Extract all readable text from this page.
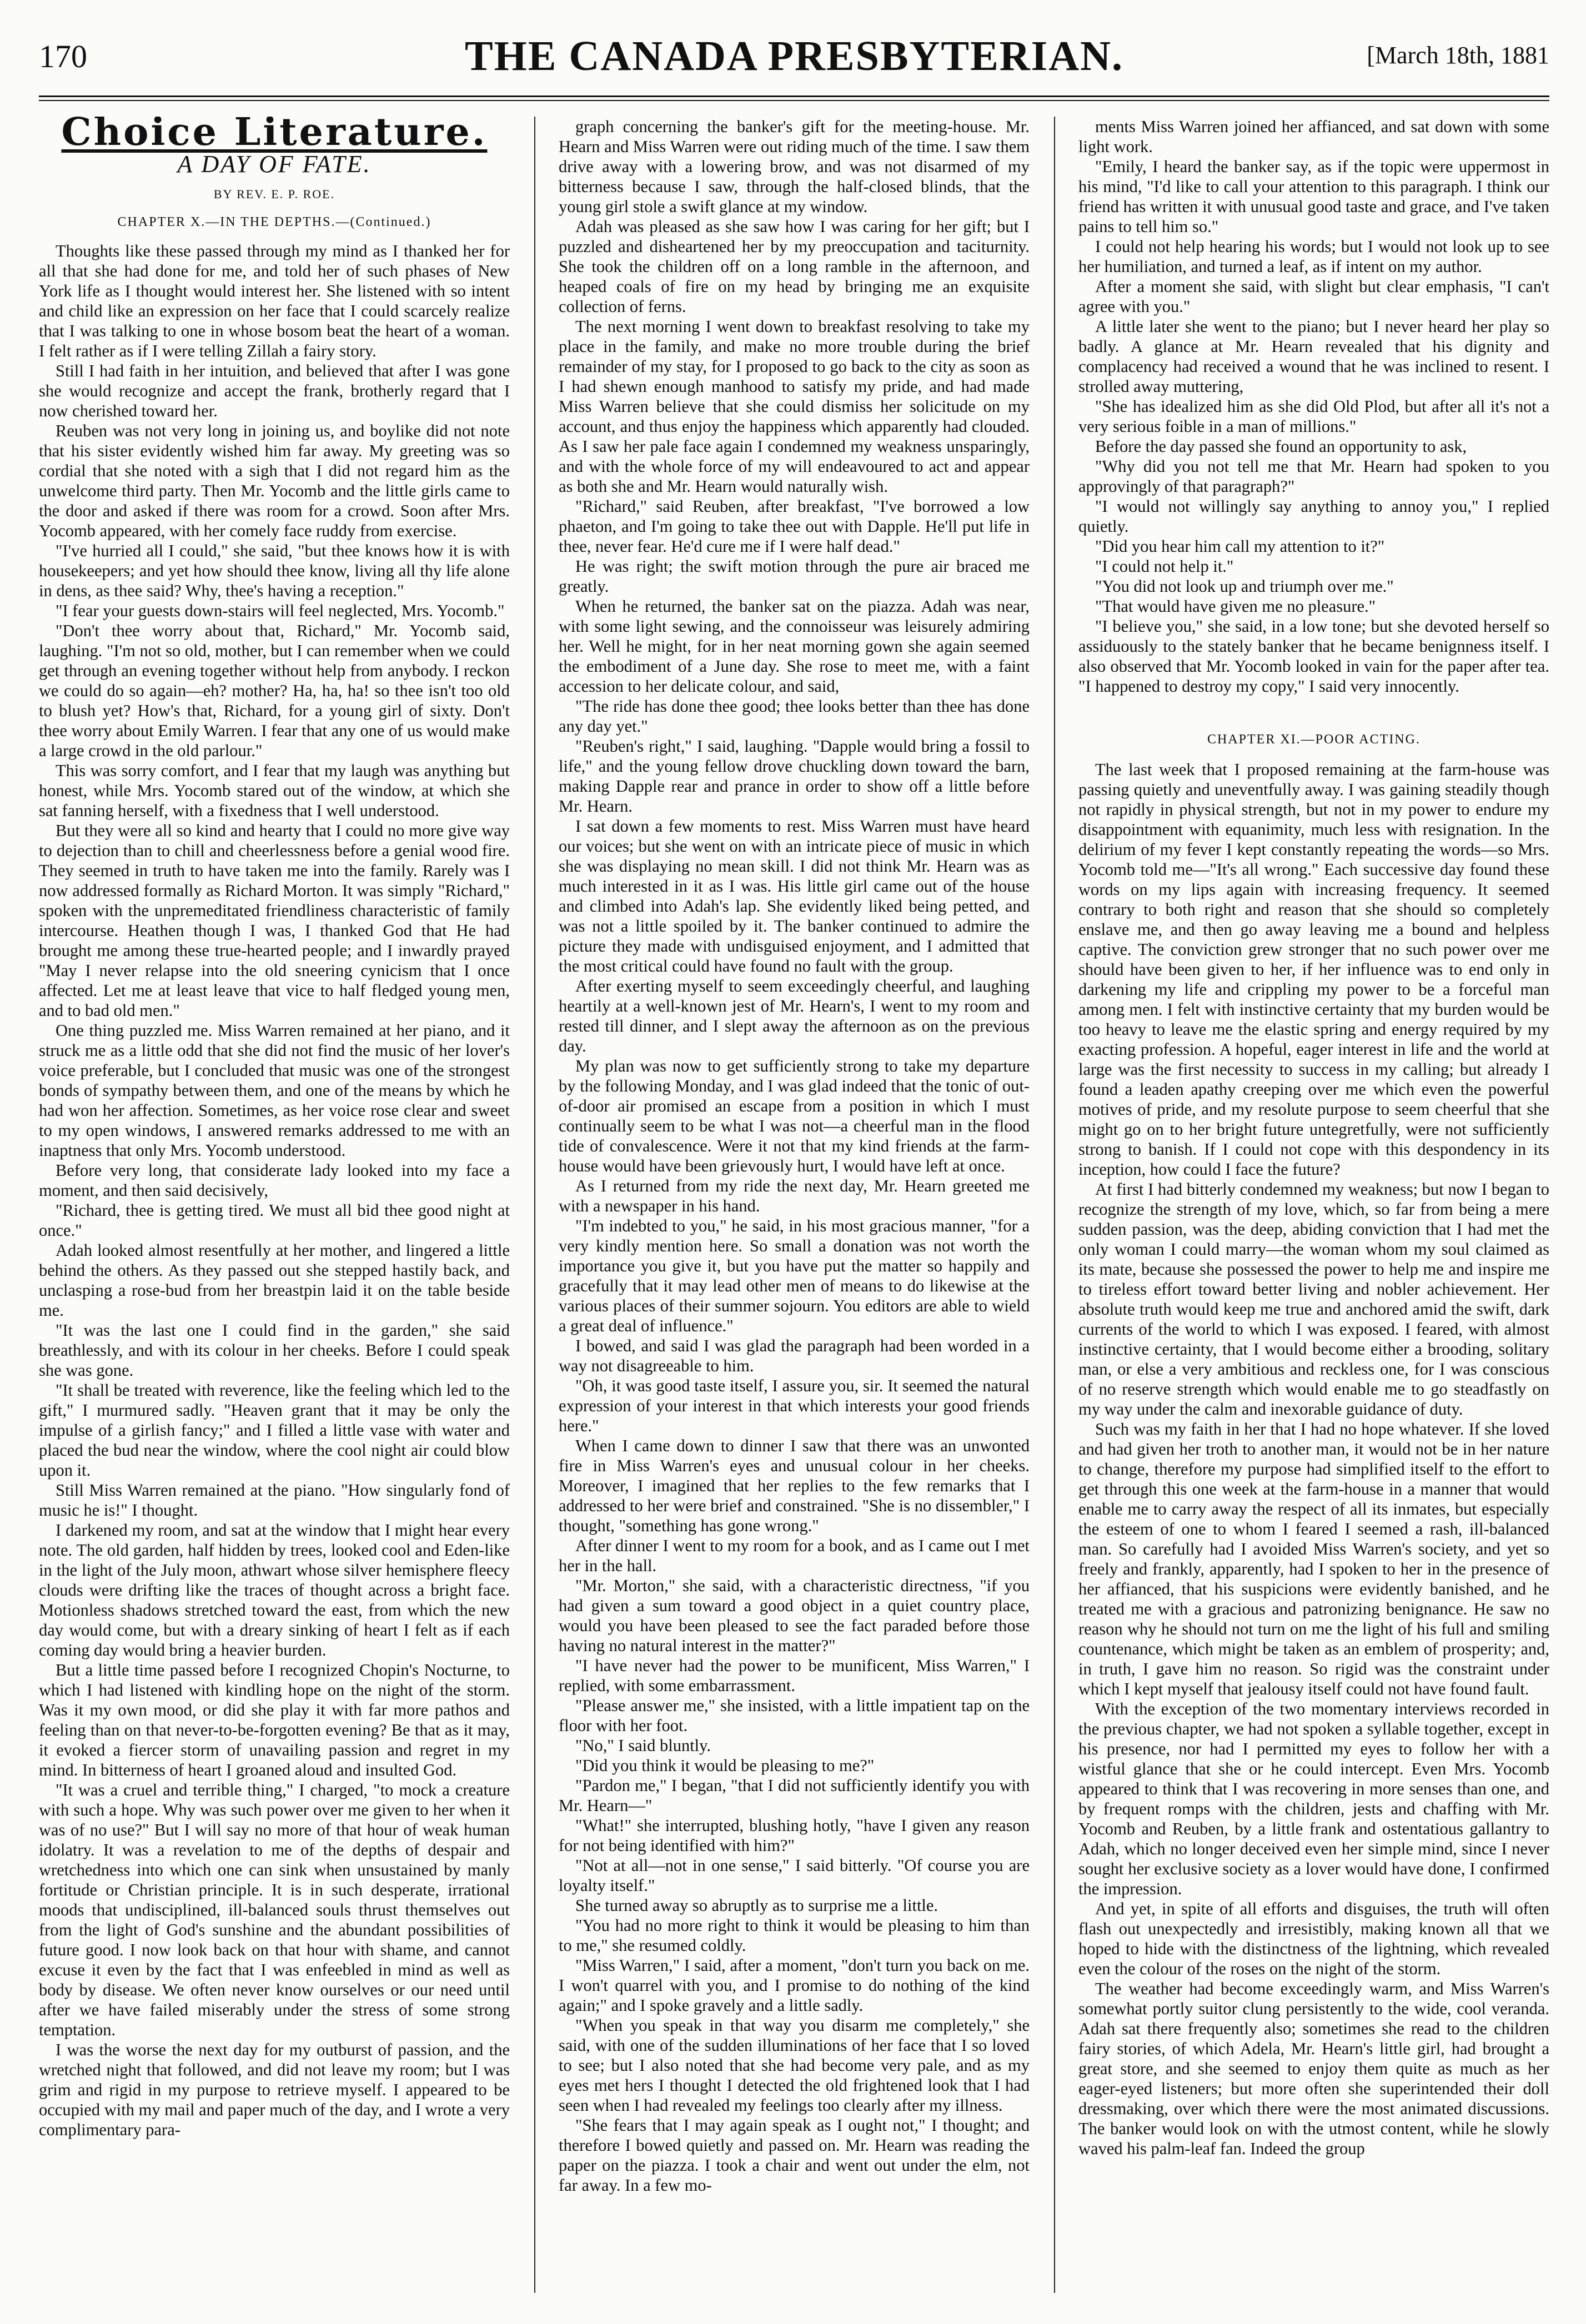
170	THE CANADA PRESBYTERIAN.	[March 18th, 1881
Choice Literature.
A DAY OF FATE.
BY REV. E. P. ROE.
CHAPTER X.—IN THE DEPTHS.—(Continued.)

Thoughts like these passed through my mind as I thanked her for all that she had done for me, and told her of such phases of New York life as I thought would interest her. She listened with so intent and child like an expression on her face that I could scarcely realize that I was talking to one in whose bosom beat the heart of a woman. I felt rather as if I were telling Zillah a fairy story.

Still I had faith in her intuition, and believed that after I was gone she would recognize and accept the frank, brotherly regard that I now cherished toward her.

Reuben was not very long in joining us, and boylike did not note that his sister evidently wished him far away. My greeting was so cordial that she noted with a sigh that I did not regard him as the unwelcome third party. Then Mr. Yocomb and the little girls came to the door and asked if there was room for a crowd. Soon after Mrs. Yocomb appeared, with her comely face ruddy from exercise.

"I've hurried all I could," she said, "but thee knows how it is with housekeepers; and yet how should thee know, living all thy life alone in dens, as thee said? Why, thee's having a reception."

"I fear your guests down-stairs will feel neglected, Mrs. Yocomb."

"Don't thee worry about that, Richard," Mr. Yocomb said, laughing. "I'm not so old, mother, but I can remember when we could get through an evening together without help from anybody. I reckon we could do so again—eh? mother? Ha, ha, ha! so thee isn't too old to blush yet? How's that, Richard, for a young girl of sixty. Don't thee worry about Emily Warren. I fear that any one of us would make a large crowd in the old parlour."

This was sorry comfort, and I fear that my laugh was anything but honest, while Mrs. Yocomb stared out of the window, at which she sat fanning herself, with a fixedness that I well understood.

But they were all so kind and hearty that I could no more give way to dejection than to chill and cheerlessness before a genial wood fire. They seemed in truth to have taken me into the family. Rarely was I now addressed formally as Richard Morton. It was simply "Richard," spoken with the unpremeditated friendliness characteristic of family intercourse. Heathen though I was, I thanked God that He had brought me among these true-hearted people; and I inwardly prayed "May I never relapse into the old sneering cynicism that I once affected. Let me at least leave that vice to half fledged young men, and to bad old men."

One thing puzzled me. Miss Warren remained at her piano, and it struck me as a little odd that she did not find the music of her lover's voice preferable, but I concluded that music was one of the strongest bonds of sympathy between them, and one of the means by which he had won her affection. Sometimes, as her voice rose clear and sweet to my open windows, I answered remarks addressed to me with an inaptness that only Mrs. Yocomb understood.

Before very long, that considerate lady looked into my face a moment, and then said decisively,

"Richard, thee is getting tired. We must all bid thee good night at once."

Adah looked almost resentfully at her mother, and lingered a little behind the others. As they passed out she stepped hastily back, and unclasping a rose-bud from her breastpin laid it on the table beside me.

"It was the last one I could find in the garden," she said breathlessly, and with its colour in her cheeks. Before I could speak she was gone.

"It shall be treated with reverence, like the feeling which led to the gift," I murmured sadly. "Heaven grant that it may be only the impulse of a girlish fancy;" and I filled a little vase with water and placed the bud near the window, where the cool night air could blow upon it.

Still Miss Warren remained at the piano. "How singularly fond of music he is!" I thought.

I darkened my room, and sat at the window that I might hear every note. The old garden, half hidden by trees, looked cool and Eden-like in the light of the July moon, athwart whose silver hemisphere fleecy clouds were drifting like the traces of thought across a bright face. Motionless shadows stretched toward the east, from which the new day would come, but with a dreary sinking of heart I felt as if each coming day would bring a heavier burden.

But a little time passed before I recognized Chopin's Nocturne, to which I had listened with kindling hope on the night of the storm. Was it my own mood, or did she play it with far more pathos and feeling than on that never-to-be-forgotten evening? Be that as it may, it evoked a fiercer storm of unavailing passion and regret in my mind. In bitterness of heart I groaned aloud and insulted God.

"It was a cruel and terrible thing," I charged, "to mock a creature with such a hope. Why was such power over me given to her when it was of no use?" But I will say no more of that hour of weak human idolatry. It was a revelation to me of the depths of despair and wretchedness into which one can sink when unsustained by manly fortitude or Christian principle. It is in such desperate, irrational moods that undisciplined, ill-balanced souls thrust themselves out from the light of God's sunshine and the abundant possibilities of future good. I now look back on that hour with shame, and cannot excuse it even by the fact that I was enfeebled in mind as well as body by disease. We often never know ourselves or our need until after we have failed miserably under the stress of some strong temptation.

I was the worse the next day for my outburst of passion, and the wretched night that followed, and did not leave my room; but I was grim and rigid in my purpose to retrieve myself. I appeared to be occupied with my mail and paper much of the day, and I wrote a very complimentary para-

graph concerning the banker's gift for the meeting-house. Mr. Hearn and Miss Warren were out riding much of the time. I saw them drive away with a lowering brow, and was not disarmed of my bitterness because I saw, through the half-closed blinds, that the young girl stole a swift glance at my window.

Adah was pleased as she saw how I was caring for her gift; but I puzzled and disheartened her by my preoccupation and taciturnity. She took the children off on a long ramble in the afternoon, and heaped coals of fire on my head by bringing me an exquisite collection of ferns.

The next morning I went down to breakfast resolving to take my place in the family, and make no more trouble during the brief remainder of my stay, for I proposed to go back to the city as soon as I had shewn enough manhood to satisfy my pride, and had made Miss Warren believe that she could dismiss her solicitude on my account, and thus enjoy the happiness which apparently had clouded. As I saw her pale face again I condemned my weakness unsparingly, and with the whole force of my will endeavoured to act and appear as both she and Mr. Hearn would naturally wish.

"Richard," said Reuben, after breakfast, "I've borrowed a low phaeton, and I'm going to take thee out with Dapple. He'll put life in thee, never fear. He'd cure me if I were half dead."

He was right; the swift motion through the pure air braced me greatly.

When he returned, the banker sat on the piazza. Adah was near, with some light sewing, and the connoisseur was leisurely admiring her. Well he might, for in her neat morning gown she again seemed the embodiment of a June day. She rose to meet me, with a faint accession to her delicate colour, and said,

"The ride has done thee good; thee looks better than thee has done any day yet."

"Reuben's right," I said, laughing. "Dapple would bring a fossil to life," and the young fellow drove chuckling down toward the barn, making Dapple rear and prance in order to show off a little before Mr. Hearn.

I sat down a few moments to rest. Miss Warren must have heard our voices; but she went on with an intricate piece of music in which she was displaying no mean skill. I did not think Mr. Hearn was as much interested in it as I was. His little girl came out of the house and climbed into Adah's lap. She evidently liked being petted, and was not a little spoiled by it. The banker continued to admire the picture they made with undisguised enjoyment, and I admitted that the most critical could have found no fault with the group.

After exerting myself to seem exceedingly cheerful, and laughing heartily at a well-known jest of Mr. Hearn's, I went to my room and rested till dinner, and I slept away the afternoon as on the previous day.

My plan was now to get sufficiently strong to take my departure by the following Monday, and I was glad indeed that the tonic of out-of-door air promised an escape from a position in which I must continually seem to be what I was not—a cheerful man in the flood tide of convalescence. Were it not that my kind friends at the farm-house would have been grievously hurt, I would have left at once.

As I returned from my ride the next day, Mr. Hearn greeted me with a newspaper in his hand.

"I'm indebted to you," he said, in his most gracious manner, "for a very kindly mention here. So small a donation was not worth the importance you give it, but you have put the matter so happily and gracefully that it may lead other men of means to do likewise at the various places of their summer sojourn. You editors are able to wield a great deal of influence."

I bowed, and said I was glad the paragraph had been worded in a way not disagreeable to him.

"Oh, it was good taste itself, I assure you, sir. It seemed the natural expression of your interest in that which interests your good friends here."

When I came down to dinner I saw that there was an unwonted fire in Miss Warren's eyes and unusual colour in her cheeks. Moreover, I imagined that her replies to the few remarks that I addressed to her were brief and constrained. "She is no dissembler," I thought, "something has gone wrong."

After dinner I went to my room for a book, and as I came out I met her in the hall.

"Mr. Morton," she said, with a characteristic directness, "if you had given a sum toward a good object in a quiet country place, would you have been pleased to see the fact paraded before those having no natural interest in the matter?"

"I have never had the power to be munificent, Miss Warren," I replied, with some embarrassment.

"Please answer me," she insisted, with a little impatient tap on the floor with her foot.

"No," I said bluntly.

"Did you think it would be pleasing to me?"

"Pardon me," I began, "that I did not sufficiently identify you with Mr. Hearn—"

"What!" she interrupted, blushing hotly, "have I given any reason for not being identified with him?"

"Not at all—not in one sense," I said bitterly. "Of course you are loyalty itself."

She turned away so abruptly as to surprise me a little.

"You had no more right to think it would be pleasing to him than to me," she resumed coldly.

"Miss Warren," I said, after a moment, "don't turn you back on me. I won't quarrel with you, and I promise to do nothing of the kind again;" and I spoke gravely and a little sadly.

"When you speak in that way you disarm me completely," she said, with one of the sudden illuminations of her face that I so loved to see; but I also noted that she had become very pale, and as my eyes met hers I thought I detected the old frightened look that I had seen when I had revealed my feelings too clearly after my illness.

"She fears that I may again speak as I ought not," I thought; and therefore I bowed quietly and passed on. Mr. Hearn was reading the paper on the piazza. I took a chair and went out under the elm, not far away. In a few mo-

ments Miss Warren joined her affianced, and sat down with some light work.

"Emily, I heard the banker say, as if the topic were uppermost in his mind, "I'd like to call your attention to this paragraph. I think our friend has written it with unusual good taste and grace, and I've taken pains to tell him so."

I could not help hearing his words; but I would not look up to see her humiliation, and turned a leaf, as if intent on my author.

After a moment she said, with slight but clear emphasis, "I can't agree with you."

A little later she went to the piano; but I never heard her play so badly. A glance at Mr. Hearn revealed that his dignity and complacency had received a wound that he was inclined to resent. I strolled away muttering,

"She has idealized him as she did Old Plod, but after all it's not a very serious foible in a man of millions."

Before the day passed she found an opportunity to ask,

"Why did you not tell me that Mr. Hearn had spoken to you approvingly of that paragraph?"

"I would not willingly say anything to annoy you," I replied quietly.

"Did you hear him call my attention to it?"

"I could not help it."

"You did not look up and triumph over me."

"That would have given me no pleasure."

"I believe you," she said, in a low tone; but she devoted herself so assiduously to the stately banker that he became benignness itself. I also observed that Mr. Yocomb looked in vain for the paper after tea. "I happened to destroy my copy," I said very innocently.

CHAPTER XI.—POOR ACTING.

The last week that I proposed remaining at the farm-house was passing quietly and uneventfully away. I was gaining steadily though not rapidly in physical strength, but not in my power to endure my disappointment with equanimity, much less with resignation. In the delirium of my fever I kept constantly repeating the words—so Mrs. Yocomb told me—"It's all wrong." Each successive day found these words on my lips again with increasing frequency. It seemed contrary to both right and reason that she should so completely enslave me, and then go away leaving me a bound and helpless captive. The conviction grew stronger that no such power over me should have been given to her, if her influence was to end only in darkening my life and crippling my power to be a forceful man among men. I felt with instinctive certainty that my burden would be too heavy to leave me the elastic spring and energy required by my exacting profession. A hopeful, eager interest in life and the world at large was the first necessity to success in my calling; but already I found a leaden apathy creeping over me which even the powerful motives of pride, and my resolute purpose to seem cheerful that she might go on to her bright future untegretfully, were not sufficiently strong to banish. If I could not cope with this despondency in its inception, how could I face the future?

At first I had bitterly condemned my weakness; but now I began to recognize the strength of my love, which, so far from being a mere sudden passion, was the deep, abiding conviction that I had met the only woman I could marry—the woman whom my soul claimed as its mate, because she possessed the power to help me and inspire me to tireless effort toward better living and nobler achievement. Her absolute truth would keep me true and anchored amid the swift, dark currents of the world to which I was exposed. I feared, with almost instinctive certainty, that I would become either a brooding, solitary man, or else a very ambitious and reckless one, for I was conscious of no reserve strength which would enable me to go steadfastly on my way under the calm and inexorable guidance of duty.

Such was my faith in her that I had no hope whatever. If she loved and had given her troth to another man, it would not be in her nature to change, therefore my purpose had simplified itself to the effort to get through this one week at the farm-house in a manner that would enable me to carry away the respect of all its inmates, but especially the esteem of one to whom I feared I seemed a rash, ill-balanced man. So carefully had I avoided Miss Warren's society, and yet so freely and frankly, apparently, had I spoken to her in the presence of her affianced, that his suspicions were evidently banished, and he treated me with a gracious and patronizing benignance. He saw no reason why he should not turn on me the light of his full and smiling countenance, which might be taken as an emblem of prosperity; and, in truth, I gave him no reason. So rigid was the constraint under which I kept myself that jealousy itself could not have found fault.

With the exception of the two momentary interviews recorded in the previous chapter, we had not spoken a syllable together, except in his presence, nor had I permitted my eyes to follow her with a wistful glance that she or he could intercept. Even Mrs. Yocomb appeared to think that I was recovering in more senses than one, and by frequent romps with the children, jests and chaffing with Mr. Yocomb and Reuben, by a little frank and ostentatious gallantry to Adah, which no longer deceived even her simple mind, since I never sought her exclusive society as a lover would have done, I confirmed the impression.

And yet, in spite of all efforts and disguises, the truth will often flash out unexpectedly and irresistibly, making known all that we hoped to hide with the distinctness of the lightning, which revealed even the colour of the roses on the night of the storm.

The weather had become exceedingly warm, and Miss Warren's somewhat portly suitor clung persistently to the wide, cool veranda. Adah sat there frequently also; sometimes she read to the children fairy stories, of which Adela, Mr. Hearn's little girl, had brought a great store, and she seemed to enjoy them quite as much as her eager-eyed listeners; but more often she superintended their doll dressmaking, over which there were the most animated discussions. The banker would look on with the utmost content, while he slowly waved his palm-leaf fan. Indeed the group
